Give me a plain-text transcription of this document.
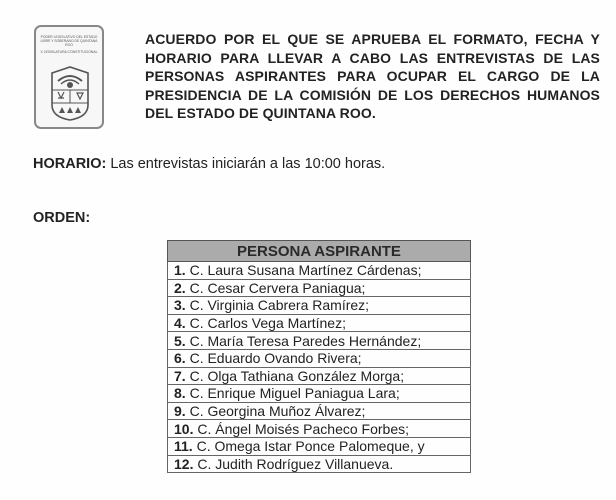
PODER LEGISLATIVO DEL ESTADO LIBRE Y SOBERANO DE QUINTANA ROO
X LEGISLATURA CONSTITUCIONAL
ACUERDO POR EL QUE SE APRUEBA EL FORMATO, FECHA Y HORARIO PARA LLEVAR A CABO LAS ENTREVISTAS DE LAS PERSONAS ASPIRANTES PARA OCUPAR EL CARGO DE LA PRESIDENCIA DE LA COMISIÓN DE LOS DERECHOS HUMANOS DEL ESTADO DE QUINTANA ROO.
HORARIO: Las entrevistas iniciarán a las 10:00 horas.
ORDEN:
PERSONA ASPIRANTE
1. C. Laura Susana Martínez Cárdenas;
2. C. Cesar Cervera Paniagua;
3. C. Virginia Cabrera Ramírez;
4. C. Carlos Vega Martínez;
5. C. María Teresa Paredes Hernández;
6. C. Eduardo Ovando Rivera;
7. C. Olga Tathiana González Morga;
8. C. Enrique Miguel Paniagua Lara;
9. C. Georgina Muñoz Álvarez;
10. C. Ángel Moisés Pacheco Forbes;
11. C. Omega Istar Ponce Palomeque, y
12. C. Judith Rodríguez Villanueva.
